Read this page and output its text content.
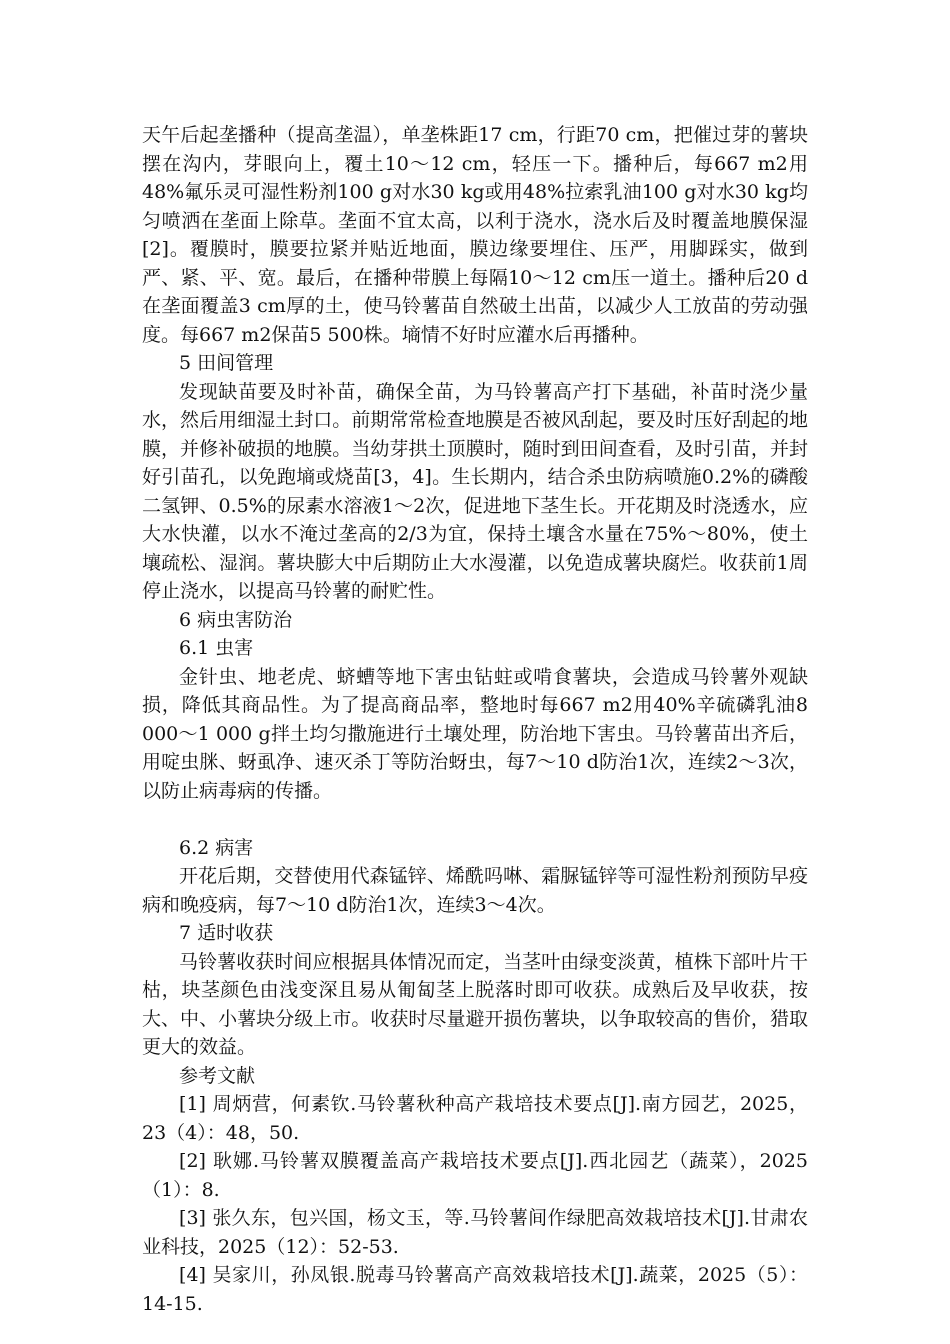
天午后起垄播种（提高垄温），单垄株距17 cm，行距70 cm，把催过芽的薯块摆在沟内，芽眼向上，覆土10～12 cm，轻压一下。播种后，每667 m2用48%氟乐灵可湿性粉剂100 g对水30 kg或用48%拉索乳油100 g对水30 kg均匀喷洒在垄面上除草。垄面不宜太高，以利于浇水，浇水后及时覆盖地膜保湿[2]。覆膜时，膜要拉紧并贴近地面，膜边缘要埋住、压严，用脚踩实，做到严、紧、平、宽。最后，在播种带膜上每隔10～12 cm压一道土。播种后20 d在垄面覆盖3 cm厚的土，使马铃薯苗自然破土出苗，以减少人工放苗的劳动强度。每667 m2保苗5 500株。墒情不好时应灌水后再播种。

5 田间管理

发现缺苗要及时补苗，确保全苗，为马铃薯高产打下基础，补苗时浇少量水，然后用细湿土封口。前期常常检查地膜是否被风刮起，要及时压好刮起的地膜，并修补破损的地膜。当幼芽拱土顶膜时，随时到田间查看，及时引苗，并封好引苗孔，以免跑墒或烧苗[3，4]。生长期内，结合杀虫防病喷施0.2%的磷酸二氢钾、0.5%的尿素水溶液1～2次，促进地下茎生长。开花期及时浇透水，应大水快灌，以水不淹过垄高的2/3为宜，保持土壤含水量在75%～80%，使土壤疏松、湿润。薯块膨大中后期防止大水漫灌，以免造成薯块腐烂。收获前1周停止浇水，以提高马铃薯的耐贮性。

6 病虫害防治

6.1 虫害

金针虫、地老虎、蛴螬等地下害虫钻蛀或啃食薯块，会造成马铃薯外观缺损，降低其商品性。为了提高商品率，整地时每667 m2用40%辛硫磷乳油8 000～1 000 g拌土均匀撒施进行土壤处理，防治地下害虫。马铃薯苗出齐后，用啶虫脒、蚜虱净、速灭杀丁等防治蚜虫，每7～10 d防治1次，连续2～3次，以防止病毒病的传播。

6.2 病害

开花后期，交替使用代森锰锌、烯酰吗啉、霜脲锰锌等可湿性粉剂预防早疫病和晚疫病，每7～10 d防治1次，连续3～4次。

7 适时收获

马铃薯收获时间应根据具体情况而定，当茎叶由绿变淡黄，植株下部叶片干枯，块茎颜色由浅变深且易从匍匐茎上脱落时即可收获。成熟后及早收获，按大、中、小薯块分级上市。收获时尽量避开损伤薯块，以争取较高的售价，猎取更大的效益。

参考文献

[1] 周炳营，何素钦.马铃薯秋种高产栽培技术要点[J].南方园艺，2025，23（4）：48，50.

[2] 耿娜.马铃薯双膜覆盖高产栽培技术要点[J].西北园艺（蔬菜），2025（1）：8.

[3] 张久东，包兴国，杨文玉，等.马铃薯间作绿肥高效栽培技术[J].甘肃农业科技，2025（12）：52-53.

[4] 吴家川，孙凤银.脱毒马铃薯高产高效栽培技术[J].蔬菜，2025（5）： 14-15.
